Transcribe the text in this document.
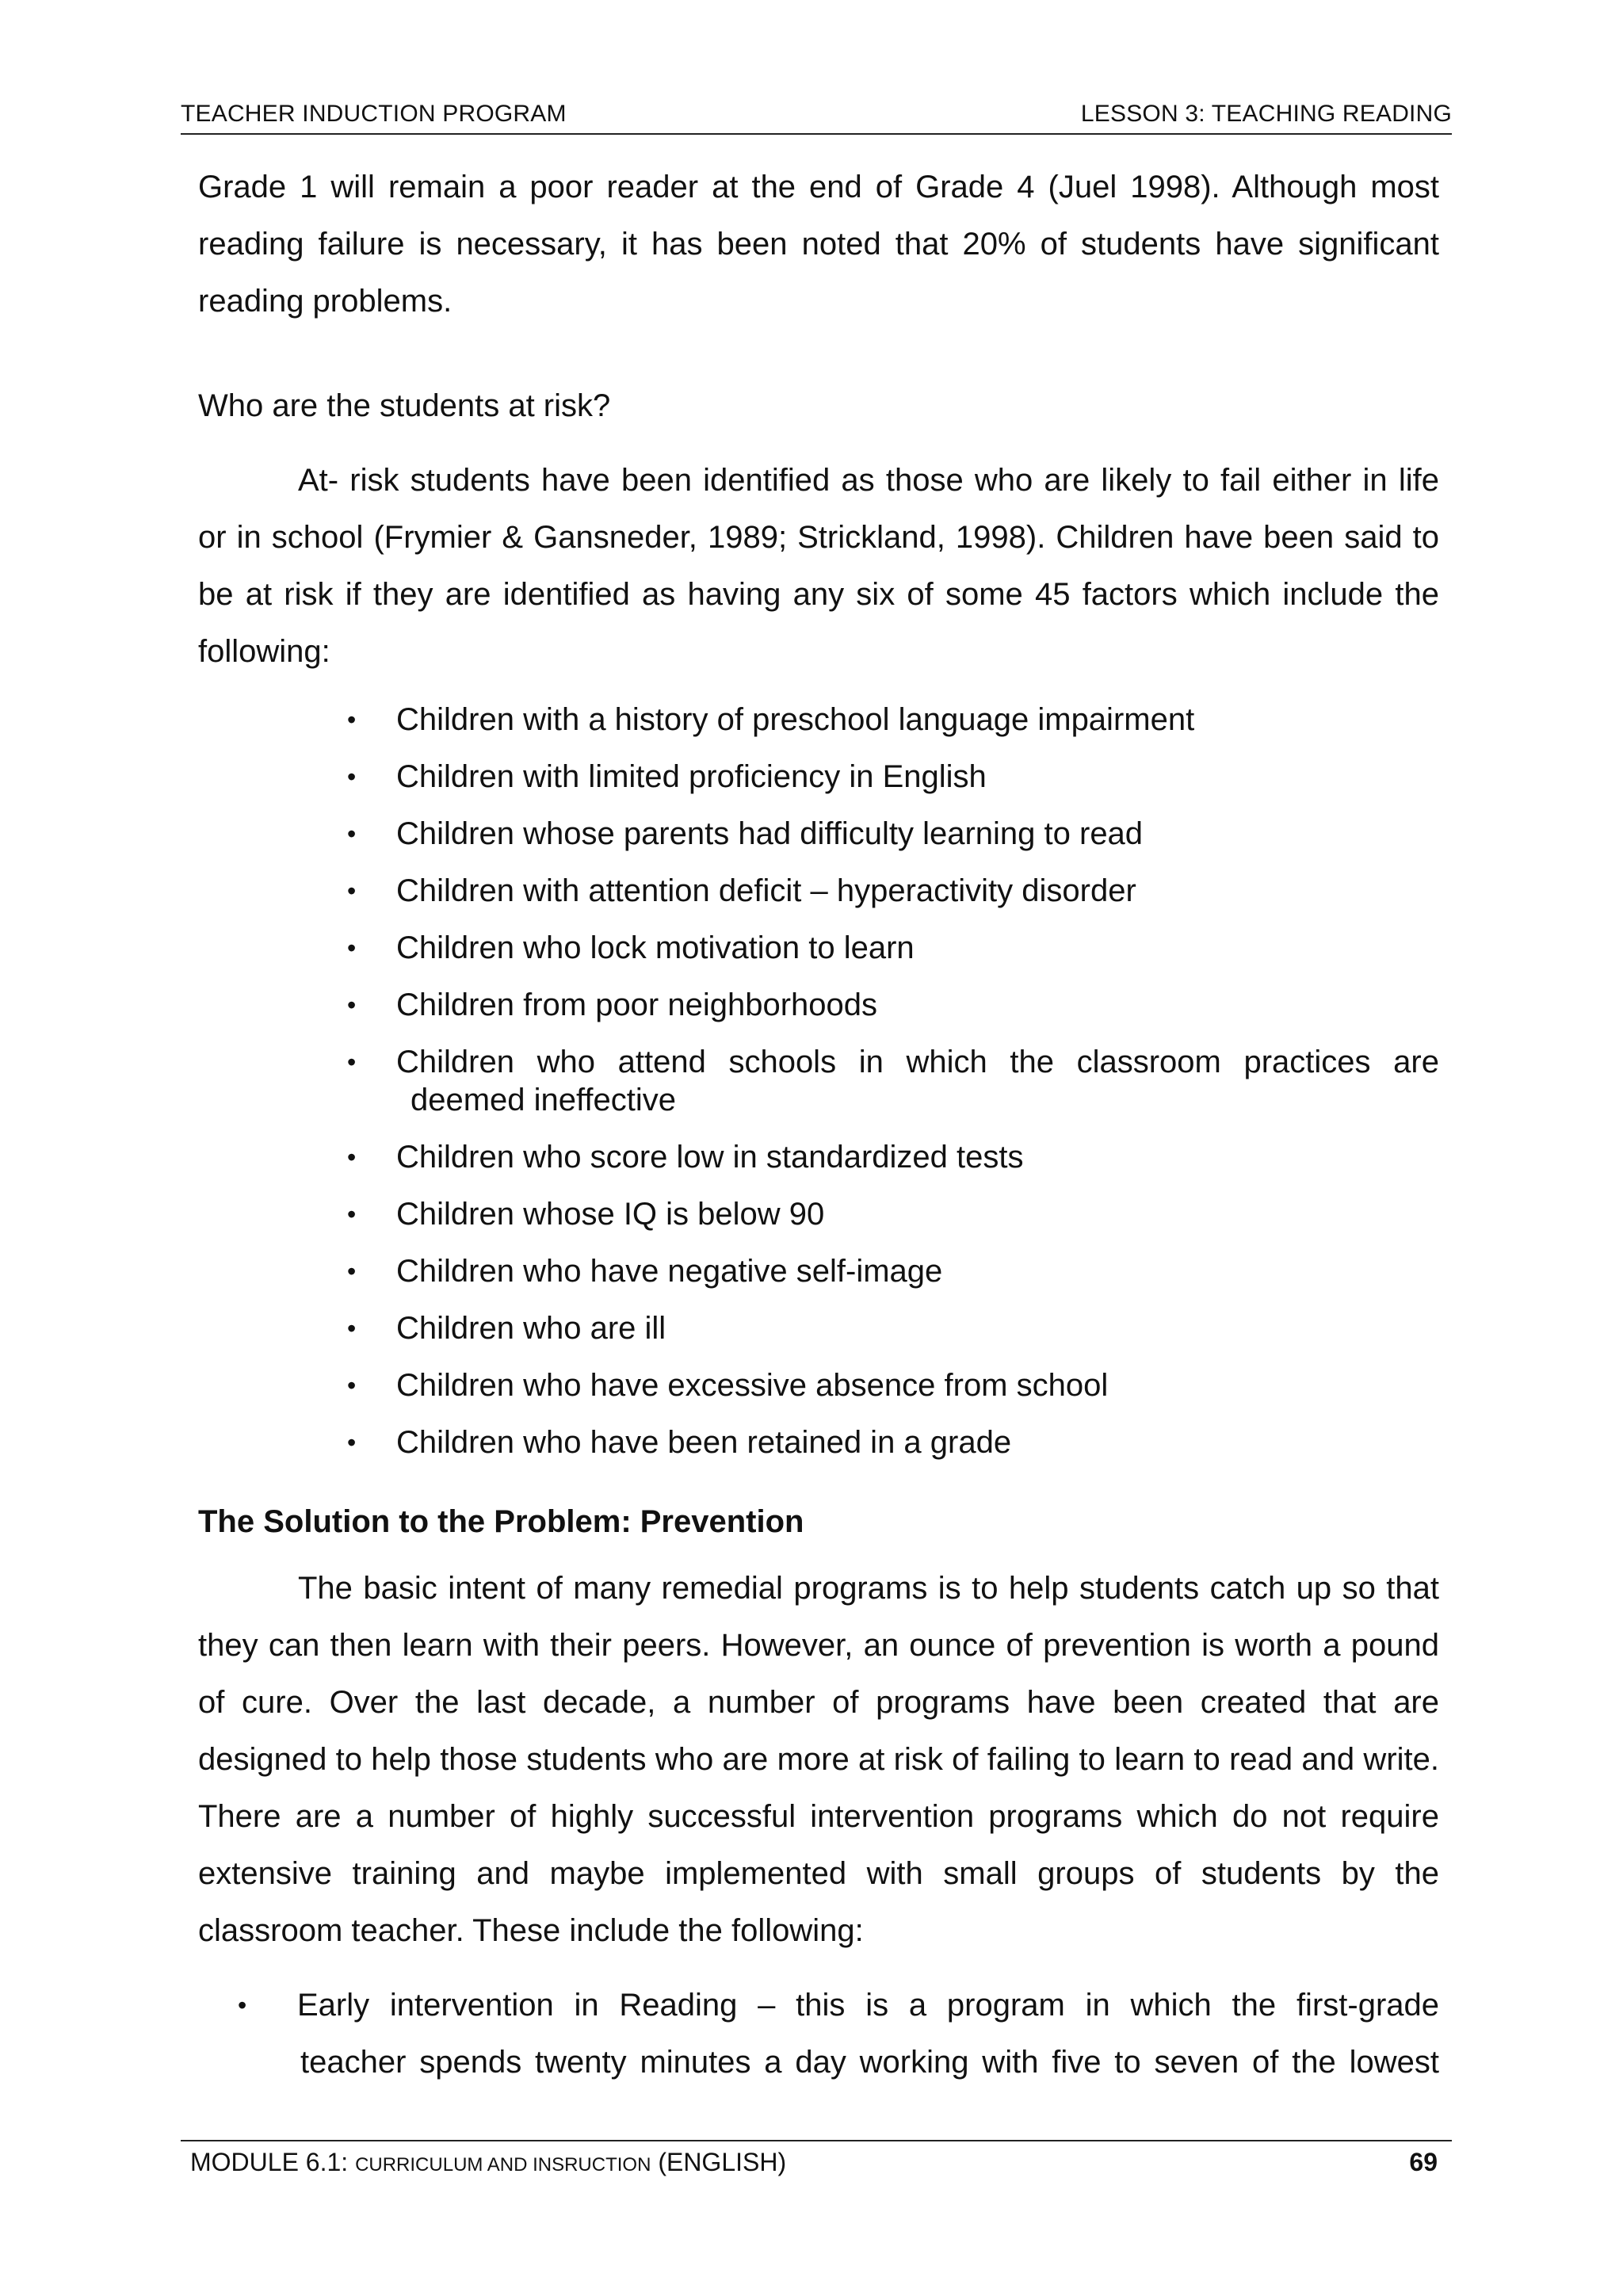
TEACHER INDUCTION PROGRAM	LESSON 3: TEACHING READING

Grade 1 will remain a poor reader at the end of Grade 4 (Juel 1998). Although most reading failure is necessary, it has been noted that 20% of students have significant reading problems.

Who are the students at risk?

At- risk students have been identified as those who are likely to fail either in life or in school (Frymier & Gansneder, 1989; Strickland, 1998). Children have been said to be at risk if they are identified as having any six of some 45 factors which include the following:

• Children with a history of preschool language impairment
• Children with limited proficiency in English
• Children whose parents had difficulty learning to read
• Children with attention deficit – hyperactivity disorder
• Children who lock motivation to learn
• Children from poor neighborhoods
• Children who attend schools in which the classroom practices are
deemed ineffective
• Children who score low in standardized tests
• Children whose IQ is below 90
• Children who have negative self-image
• Children who are ill
• Children who have excessive absence from school
• Children who have been retained in a grade
The Solution to the Problem: Prevention

The basic intent of many remedial programs is to help students catch up so that they can then learn with their peers. However, an ounce of prevention is worth a pound of cure. Over the last decade, a number of programs have been created that are designed to help those students who are more at risk of failing to learn to read and write. There are a number of highly successful intervention programs which do not require extensive training and maybe implemented with small groups of students by the classroom teacher. These include the following:

• Early intervention in Reading – this is a program in which the first-grade
teacher spends twenty minutes a day working with five to seven of the lowest
MODULE 6.1: CURRICULUM AND INSRUCTION (ENGLISH)	69
